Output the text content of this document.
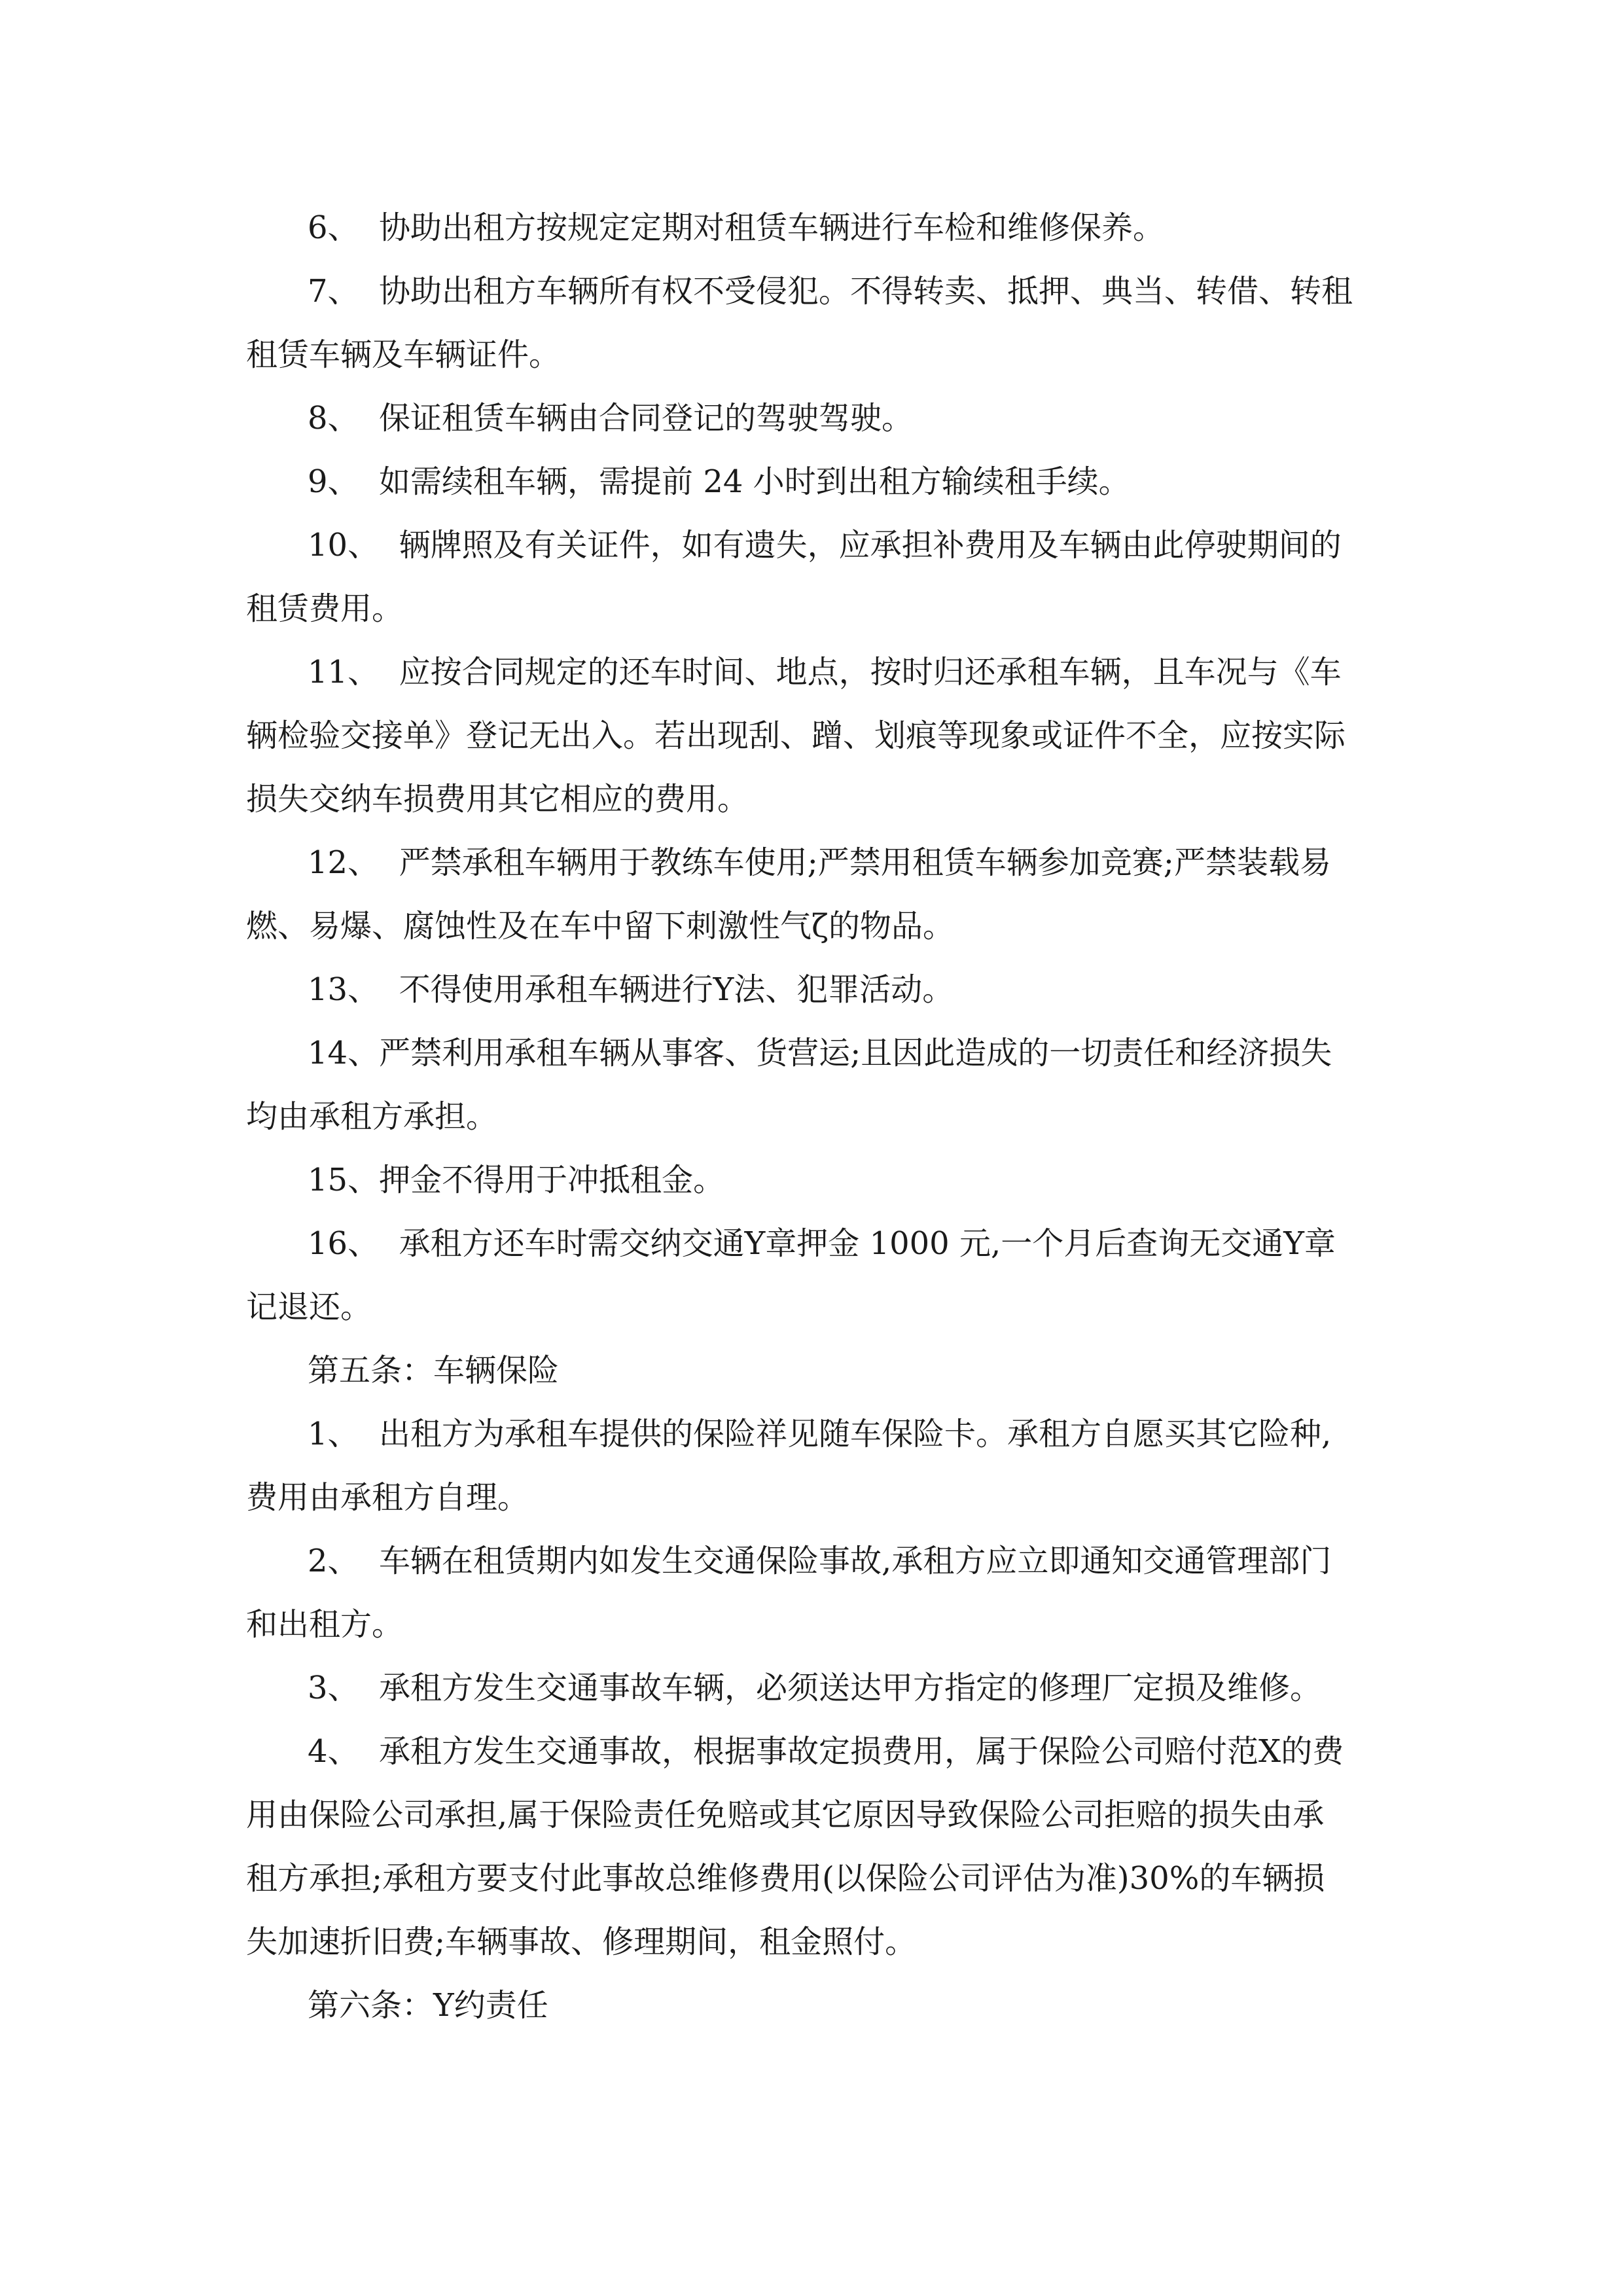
6、  协助出租方按规定定期对租赁车辆进行车检和维修保养。
7、  协助出租方车辆所有权不受侵犯。不得转卖、抵押、典当、转借、转租
租赁车辆及车辆证件。
8、  保证租赁车辆由合同登记的驾驶驾驶。
9、  如需续租车辆，需提前 24 小时到出租方输续租手续。
10、  辆牌照及有关证件，如有遗失，应承担补费用及车辆由此停驶期间的
租赁费用。
11、  应按合同规定的还车时间、地点，按时归还承租车辆，且车况与《车
辆检验交接单》登记无出入。若出现刮、蹭、划痕等现象或证件不全，应按实际
损失交纳车损费用其它相应的费用。
12、  严禁承租车辆用于教练车使用;严禁用租赁车辆参加竞赛;严禁装载易
燃、易爆、腐蚀性及在车中留下刺激性气ζ的物品。
13、  不得使用承租车辆进行Υ法、犯罪活动。
14、严禁利用承租车辆从事客、货营运;且因此造成的一切责任和经济损失
均由承租方承担。
15、押金不得用于冲抵租金。
16、  承租方还车时需交纳交通Υ章押金 1000 元,一个月后查询无交通Υ章
记退还。
第五条：车辆保险
1、  出租方为承租车提供的保险祥见随车保险卡。承租方自愿买其它险种,
费用由承租方自理。
2、  车辆在租赁期内如发生交通保险事故,承租方应立即通知交通管理部门
和出租方。
3、  承租方发生交通事故车辆，必须送达甲方指定的修理厂定损及维修。
4、  承租方发生交通事故，根据事故定损费用，属于保险公司赔付范Χ的费
用由保险公司承担,属于保险责任免赔或其它原因导致保险公司拒赔的损失由承
租方承担;承租方要支付此事故总维修费用(以保险公司评估为准)30%的车辆损
失加速折旧费;车辆事故、修理期间，租金照付。
第六条：Υ约责任
